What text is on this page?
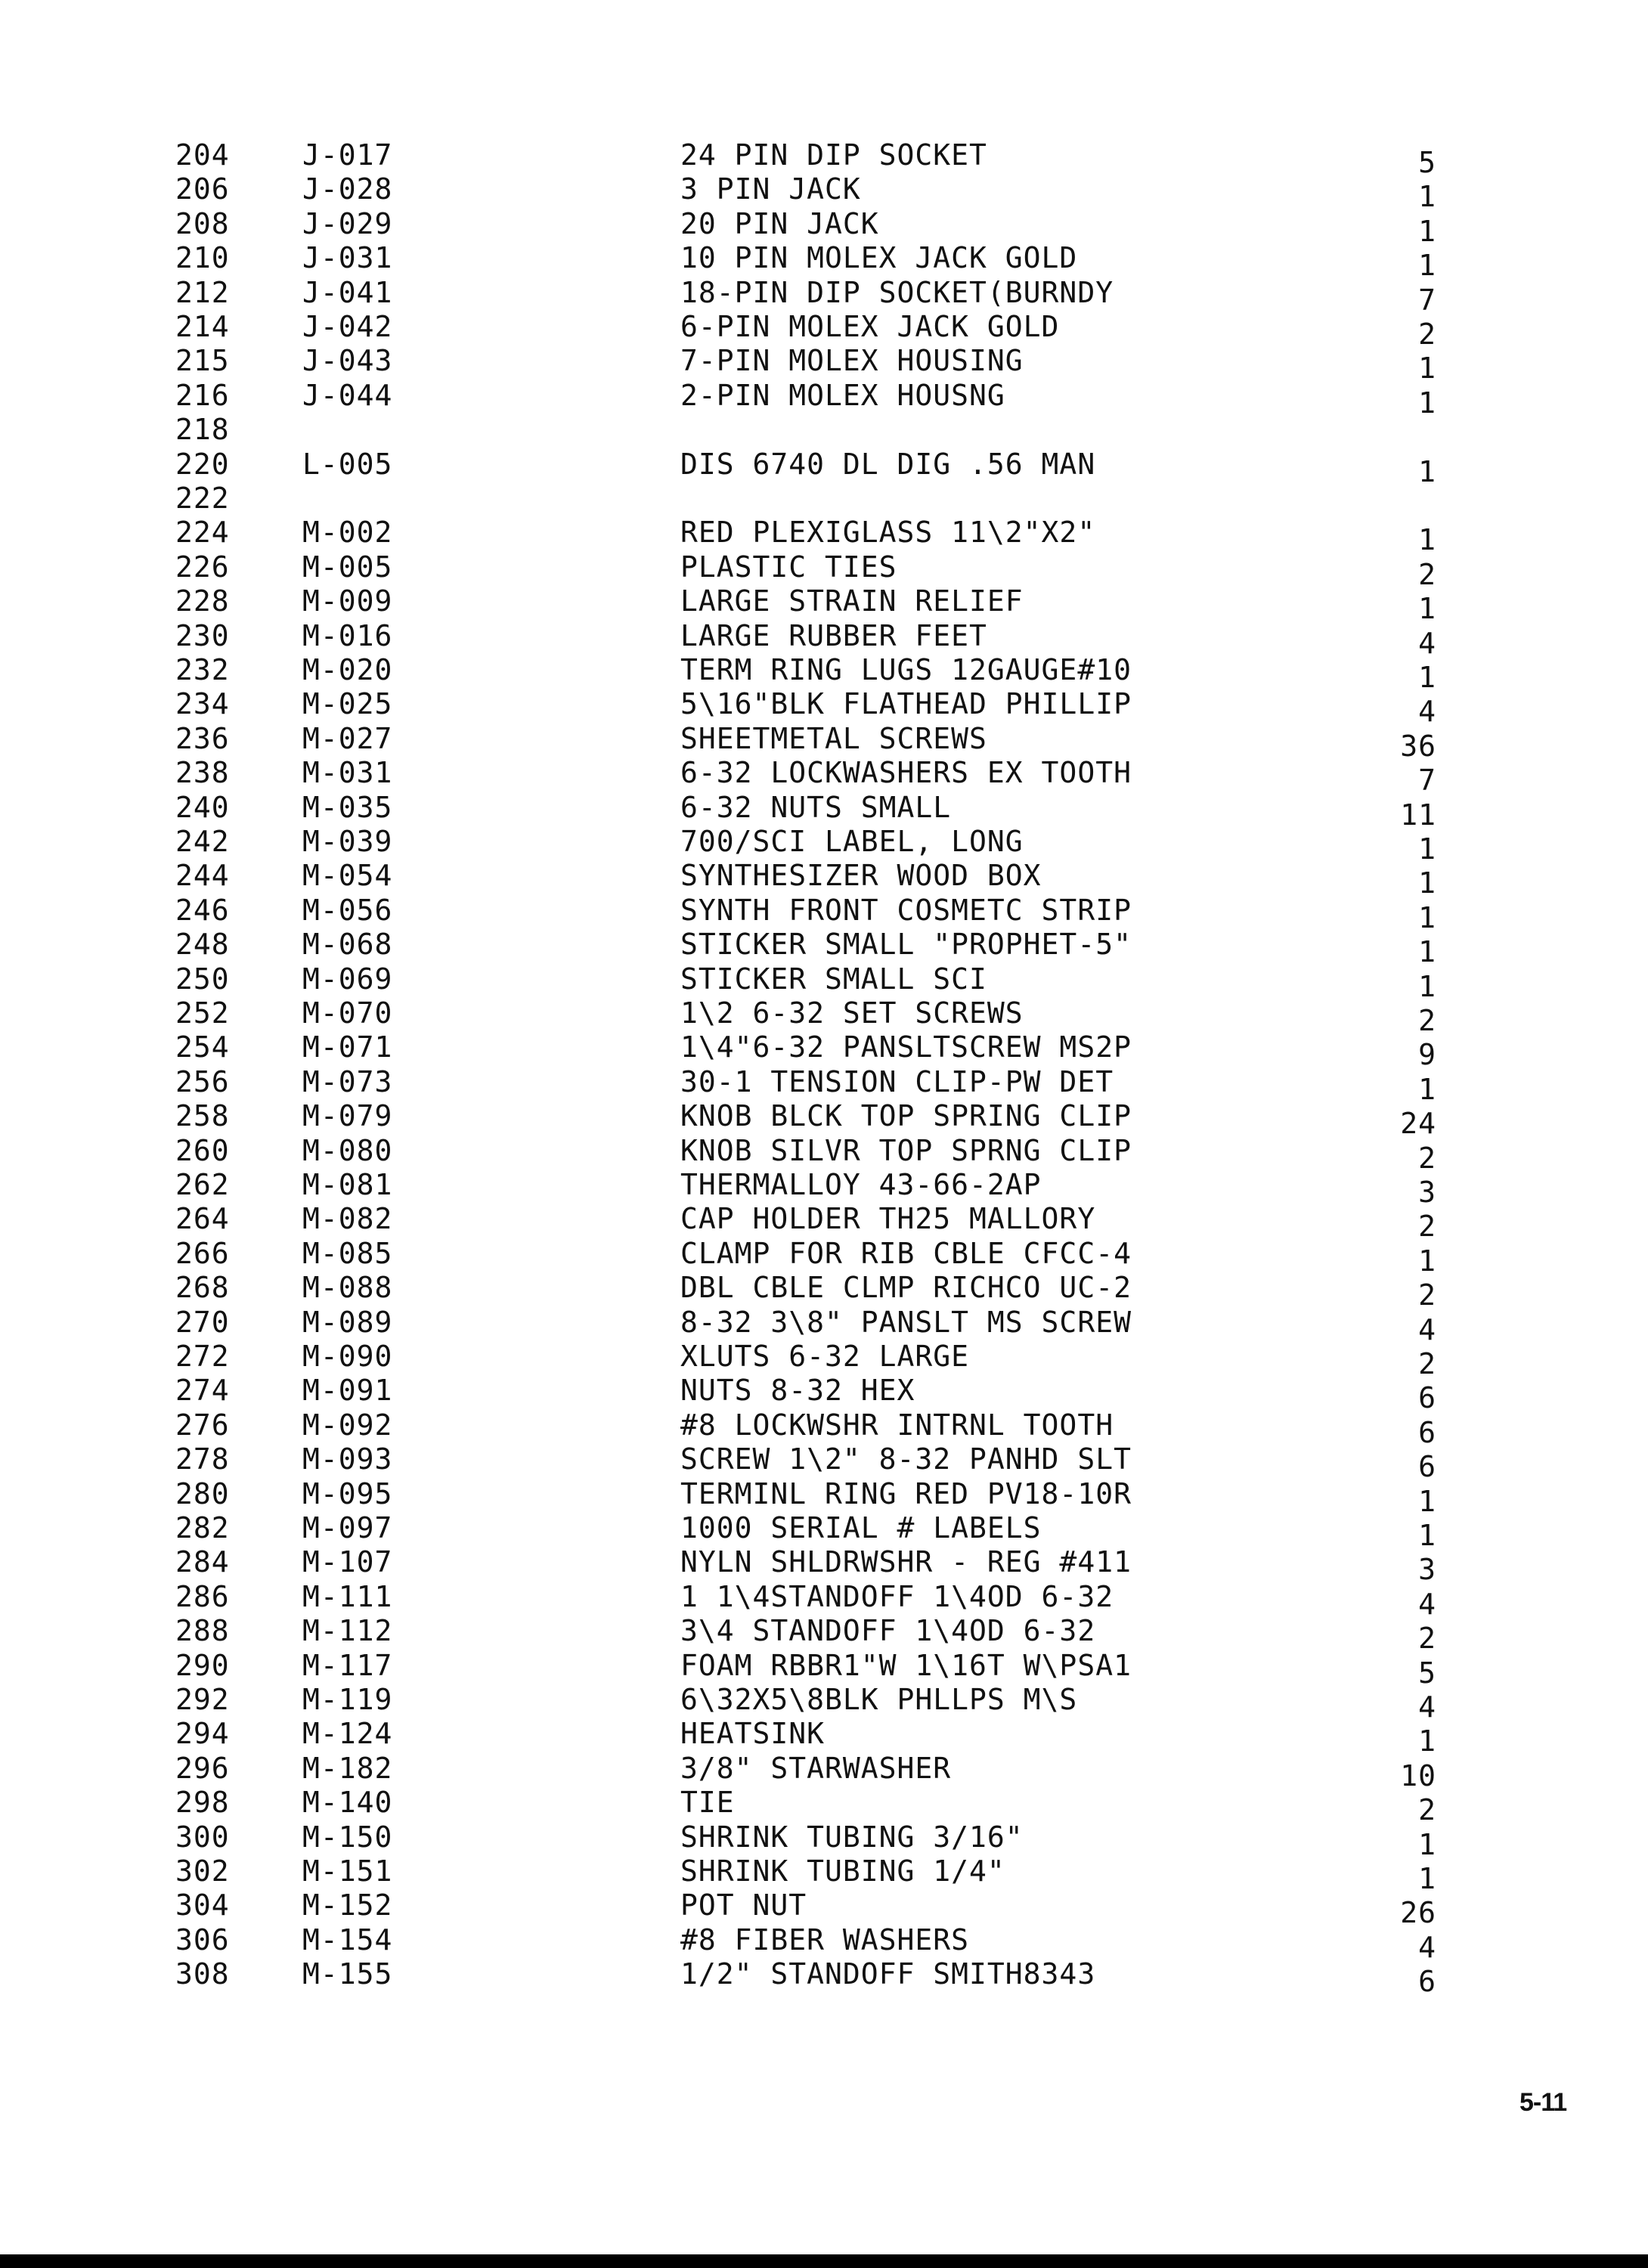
204	J-017	24 PIN DIP SOCKET	5
206	J-028	3 PIN JACK	1
208	J-029	20 PIN JACK	1
210	J-031	10 PIN MOLEX JACK GOLD	1
212	J-041	18-PIN DIP SOCKET(BURNDY	7
214	J-042	6-PIN MOLEX JACK GOLD	2
215	J-043	7-PIN MOLEX HOUSING	1
216	J-044	2-PIN MOLEX HOUSNG	1
218
220	L-005	DIS 6740 DL DIG .56 MAN	1
222
224	M-002	RED PLEXIGLASS 11\2"X2"	1
226	M-005	PLASTIC TIES	2
228	M-009	LARGE STRAIN RELIEF	1
230	M-016	LARGE RUBBER FEET	4
232	M-020	TERM RING LUGS 12GAUGE#10	1
234	M-025	5\16"BLK FLATHEAD PHILLIP	4
236	M-027	SHEETMETAL SCREWS	36
238	M-031	6-32 LOCKWASHERS EX TOOTH	7
240	M-035	6-32 NUTS SMALL	11
242	M-039	700/SCI LABEL, LONG	1
244	M-054	SYNTHESIZER WOOD BOX	1
246	M-056	SYNTH FRONT COSMETC STRIP	1
248	M-068	STICKER SMALL "PROPHET-5"	1
250	M-069	STICKER SMALL SCI	1
252	M-070	1\2 6-32 SET SCREWS	2
254	M-071	1\4"6-32 PANSLTSCREW MS2P	9
256	M-073	30-1 TENSION CLIP-PW DET	1
258	M-079	KNOB BLCK TOP SPRING CLIP	24
260	M-080	KNOB SILVR TOP SPRNG CLIP	2
262	M-081	THERMALLOY 43-66-2AP	3
264	M-082	CAP HOLDER TH25 MALLORY	2
266	M-085	CLAMP FOR RIB CBLE CFCC-4	1
268	M-088	DBL CBLE CLMP RICHCO UC-2	2
270	M-089	8-32 3\8" PANSLT MS SCREW	4
272	M-090	XLUTS 6-32 LARGE	2
274	M-091	NUTS 8-32 HEX	6
276	M-092	#8 LOCKWSHR INTRNL TOOTH	6
278	M-093	SCREW 1\2" 8-32 PANHD SLT	6
280	M-095	TERMINL RING RED PV18-10R	1
282	M-097	1000 SERIAL # LABELS	1
284	M-107	NYLN SHLDRWSHR - REG #411	3
286	M-111	1 1\4STANDOFF 1\4OD 6-32	4
288	M-112	3\4 STANDOFF 1\4OD 6-32	2
290	M-117	FOAM RBBR1"W 1\16T W\PSA1	5
292	M-119	6\32X5\8BLK PHLLPS M\S	4
294	M-124	HEATSINK	1
296	M-182	3/8" STARWASHER	10
298	M-140	TIE	2
300	M-150	SHRINK TUBING 3/16"	1
302	M-151	SHRINK TUBING 1/4"	1
304	M-152	POT NUT	26
306	M-154	#8 FIBER WASHERS	4
308	M-155	1/2" STANDOFF SMITH8343	6
5-11
